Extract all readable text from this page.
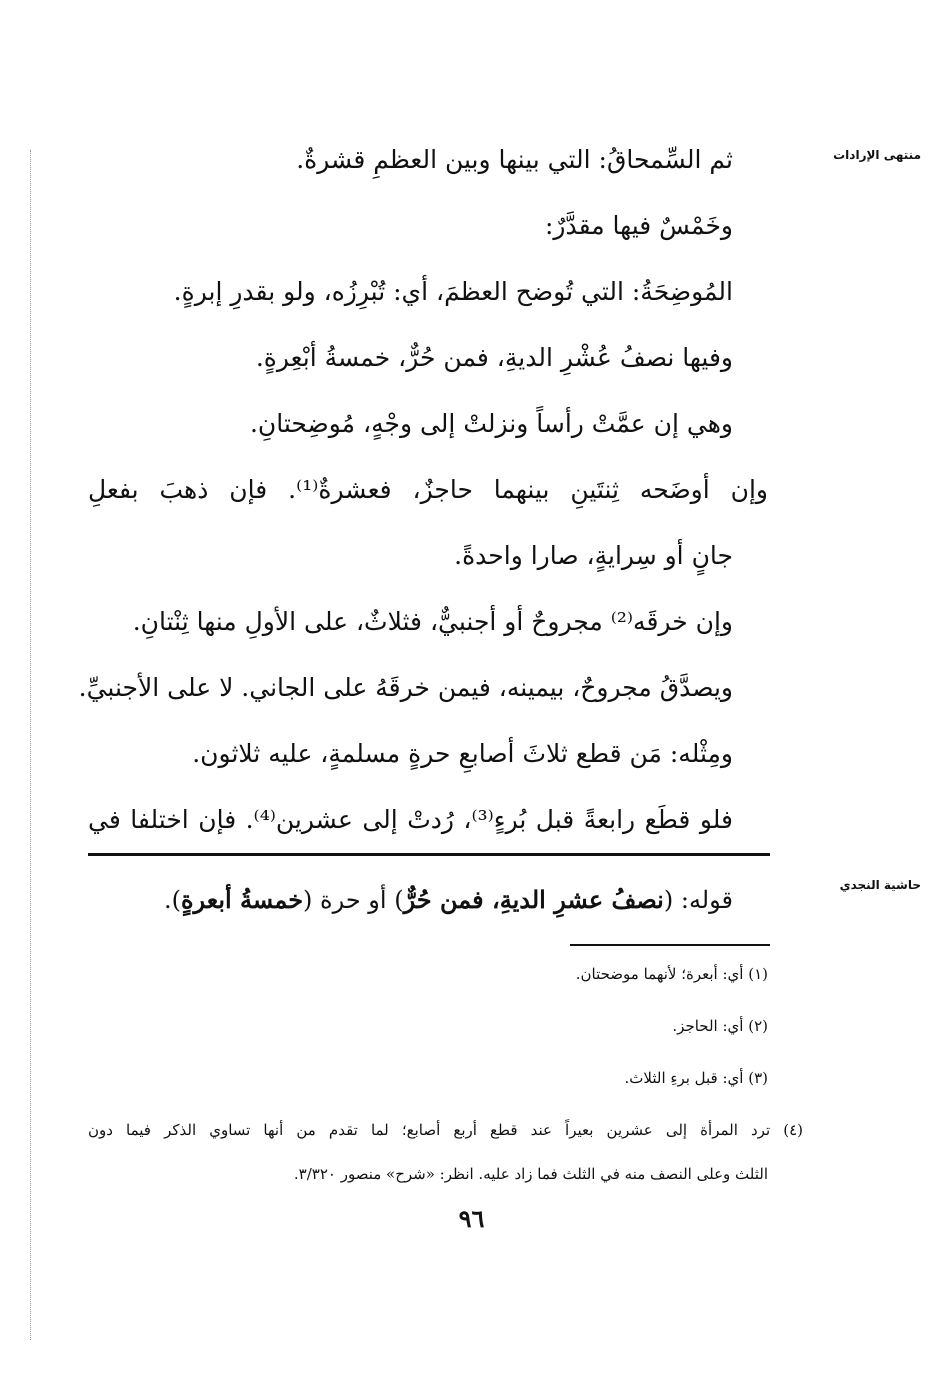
منتهى الإرادات
حاشية النجدي
ثم السِّمحاقُ: التي بينها وبين العظمِ قشرةٌ.
وخَمْسٌ فيها مقدَّرٌ:
المُوضِحَةُ: التي تُوضح العظمَ، أي: تُبْرِزُه، ولو بقدرِ إبرةٍ.
وفيها نصفُ عُشْرِ الديةِ، فمن حُرٌّ، خمسةُ أبْعِرةٍ.
وهي إن عمَّتْ رأساً ونزلتْ إلى وجْهٍ، مُوضِحتانِ.
وإن أوضَحه ثِنتَينِ بينهما حاجزٌ، فعشرةٌ⁽¹⁾. فإن ذهبَ بفعلِ
جانٍ أو سِرايةٍ، صارا واحدةً.
وإن خرقَه⁽²⁾ مجروحٌ أو أجنبيٌّ، فثلاثٌ، على الأولِ منها ثِنْتانِ.
ويصدَّقُ مجروحٌ، بيمينه، فيمن خرقَهُ على الجاني. لا على الأجنبيِّ.
ومِثْله: مَن قطع ثلاثَ أصابعِ حرةٍ مسلمةٍ، عليه ثلاثون.
فلو قطَع رابعةً قبل بُرءٍ⁽³⁾، رُدتْ إلى عشرين⁽⁴⁾. فإن اختلفا في
قوله: (نصفُ عشرِ الديةِ، فمن حُرٌّ) أو حرة (خمسةُ أبعرةٍ).
(١) أي: أبعرة؛ لأنهما موضحتان.
(٢) أي: الحاجز.
(٣) أي: قبل برءِ الثلاث.
(٤) ترد المرأة إلى عشرين بعيراً عند قطع أربع أصابع؛ لما تقدم من أنها تساوي الذكر فيما دون
الثلث وعلى النصف منه في الثلث فما زاد عليه. انظر: «شرح» منصور ٣/٣٢٠.
٩٦
